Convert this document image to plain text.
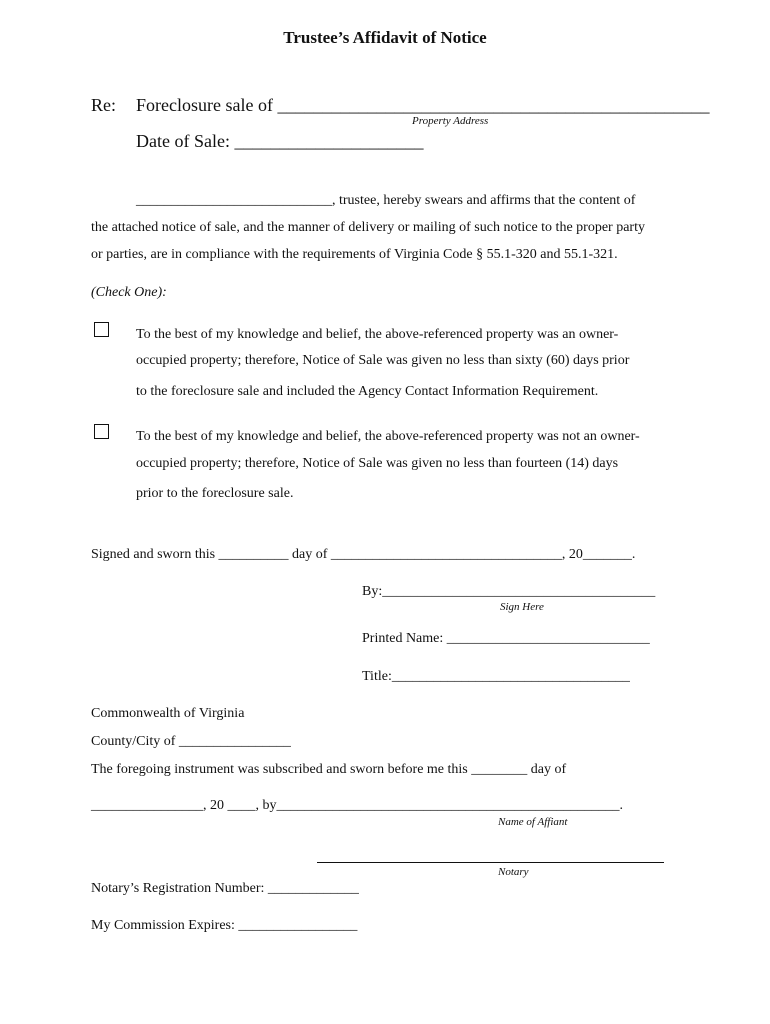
Trustee’s Affidavit of Notice
Re: Foreclosure sale of ________________________________________________
Property Address
Date of Sale: _____________________
____________________________, trustee, hereby swears and affirms that the content of
the attached notice of sale, and the manner of delivery or mailing of such notice to the proper party
or parties, are in compliance with the requirements of Virginia Code § 55.1-320 and 55.1-321.
(Check One):
To the best of my knowledge and belief, the above-referenced property was an owner-
occupied property; therefore, Notice of Sale was given no less than sixty (60) days prior
to the foreclosure sale and included the Agency Contact Information Requirement.
To the best of my knowledge and belief, the above-referenced property was not an owner-
occupied property; therefore, Notice of Sale was given no less than fourteen (14) days
prior to the foreclosure sale.
Signed and sworn this __________ day of _________________________________, 20_______.
By:_______________________________________
Sign Here
Printed Name: _____________________________
Title:__________________________________
Commonwealth of Virginia
County/City of ________________
The foregoing instrument was subscribed and sworn before me this ________ day of
________________, 20 ____, by_________________________________________________.
Name of Affiant
Notary
Notary’s Registration Number: _____________
My Commission Expires: _________________
